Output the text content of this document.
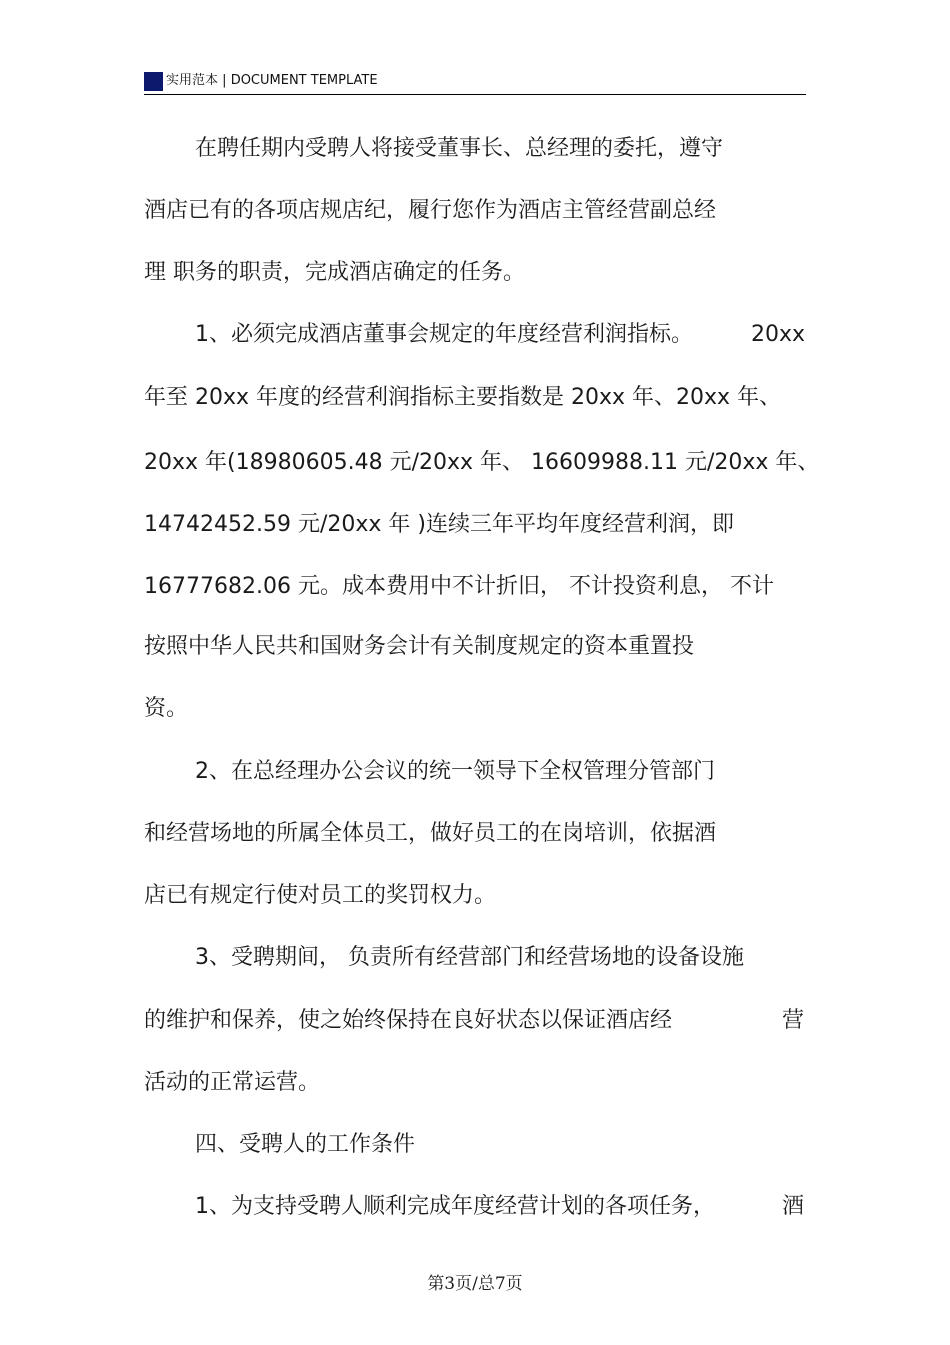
实用范本 | DOCUMENT TEMPLATE
在聘任期内受聘人将接受董事长、总经理的委托，遵守
酒店已有的各项店规店纪，履行您作为酒店主管经营副总经
理 职务的职责，完成酒店确定的任务。
1、必须完成酒店董事会规定的年度经营利润指标。	20xx
年至 20xx 年度的经营利润指标主要指数是 20xx 年、20xx 年、
20xx 年(18980605.48 元/20xx 年、 16609988.11 元/20xx 年、
14742452.59 元/20xx 年 )连续三年平均年度经营利润，即
16777682.06 元。成本费用中不计折旧， 不计投资利息， 不计
按照中华人民共和国财务会计有关制度规定的资本重置投
资。
2、在总经理办公会议的统一领导下全权管理分管部门
和经营场地的所属全体员工，做好员工的在岗培训，依据酒
店已有规定行使对员工的奖罚权力。
3、受聘期间， 负责所有经营部门和经营场地的设备设施
的维护和保养，使之始终保持在良好状态以保证酒店经	营
活动的正常运营。
四、受聘人的工作条件
1、为支持受聘人顺利完成年度经营计划的各项任务，	酒
第3页/总7页
